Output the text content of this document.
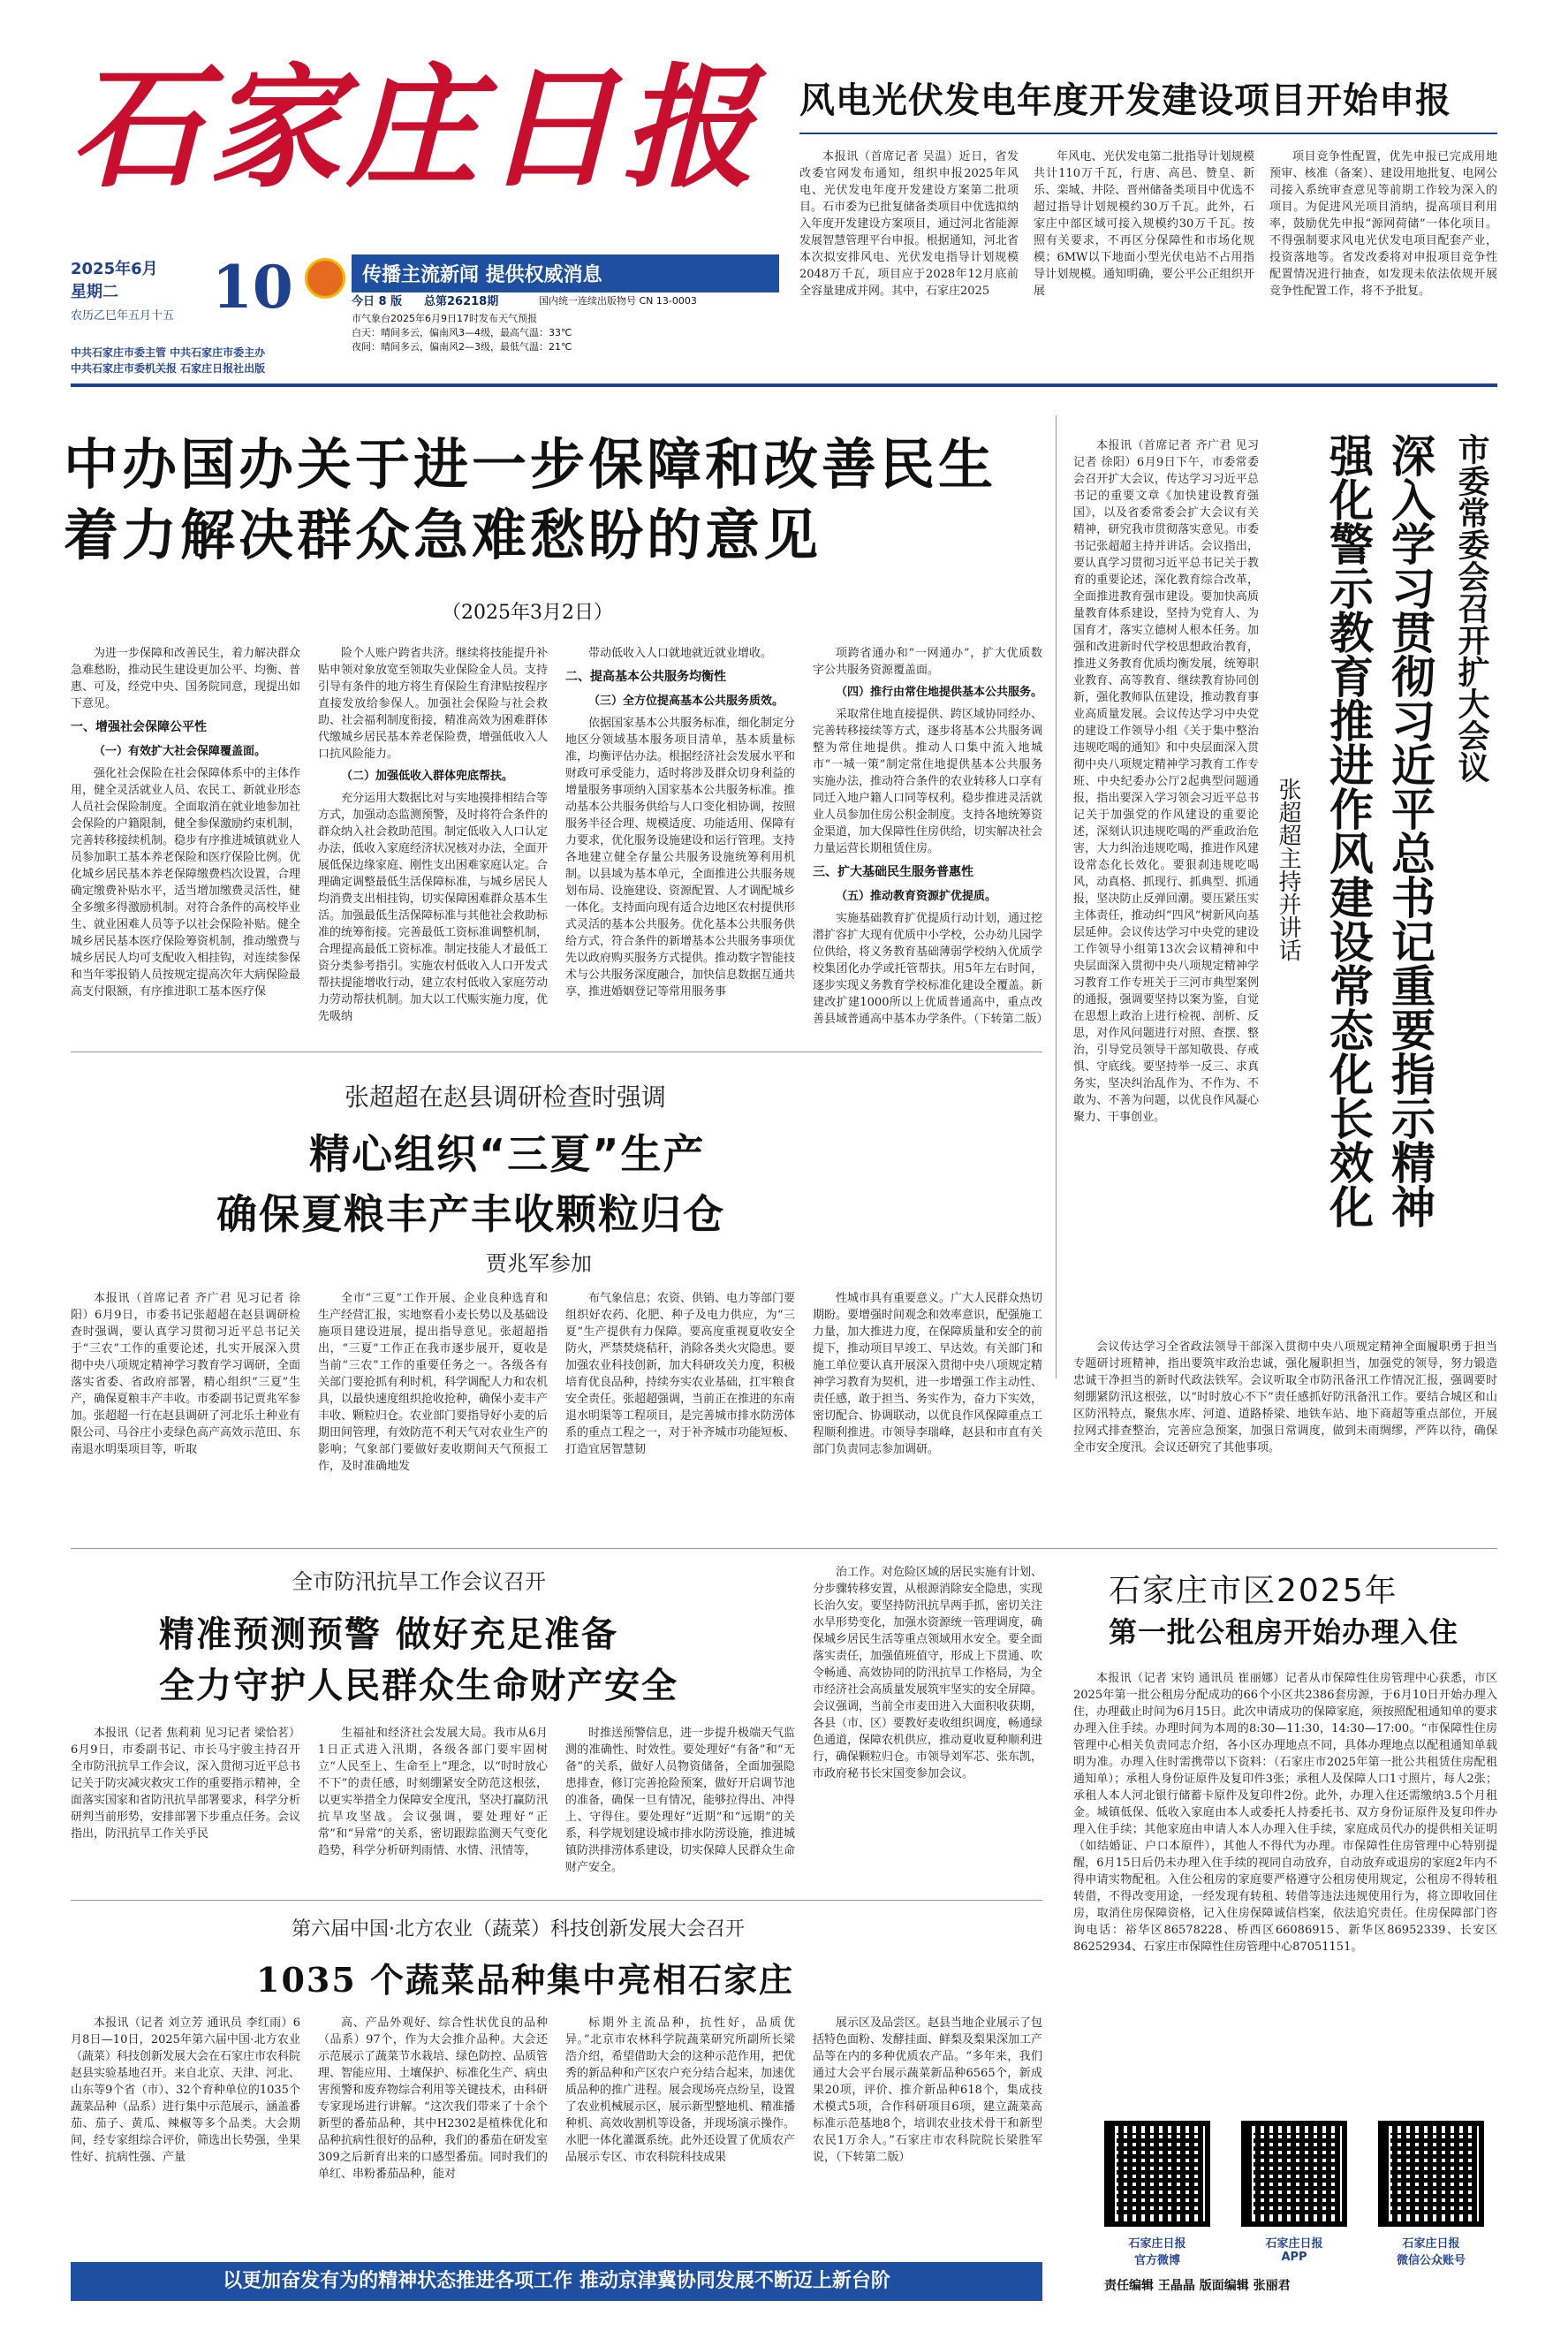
石家庄日报
2025年6月
星期二
农历乙巳年五月十五 10	传播主流新闻 提供权威消息
今日 8 版 总第26218期	国内统一连续出版物号 CN 13-0003
市气象台2025年6月9日17时发布天气预报
白天：晴间多云，偏南风3—4级，最高气温：33℃
夜间：晴间多云，偏南风2—3级，最低气温：21℃
中共石家庄市委主管 中共石家庄市委主办
中共石家庄市委机关报 石家庄日报社出版
风电光伏发电年度开发建设项目开始申报

本报讯（首席记者 吴温）近日，省发改委官网发布通知，组织申报2025年风电、光伏发电年度开发建设方案第二批项目。石市委为已批复储备类项目中优选拟纳入年度开发建设方案项目，通过河北省能源发展智慧管理平台申报。根据通知，河北省本次拟安排风电、光伏发电指导计划规模2048万千瓦，项目应于2028年12月底前全容量建成并网。其中，石家庄2025

年风电、光伏发电第二批指导计划规模共计110万千瓦，行唐、高邑、赞皇、新乐、栾城、井陉、晋州储备类项目中优选不超过指导计划规模约30万千瓦。此外，石家庄中部区域可接入规模约30万千瓦。按照有关要求，不再区分保障性和市场化规模；6MW以下地面小型光伏电站不占用指导计划规模。通知明确，要公平公正组织开展

项目竞争性配置，优先申报已完成用地预审、核准（备案）、建设用地批复、电网公司接入系统审查意见等前期工作较为深入的项目。为促进风光项目消纳，提高项目利用率，鼓励优先申报“源网荷储”一体化项目。不得强制要求风电光伏发电项目配套产业，投资落地等。省发改委将对申报项目竞争性配置情况进行抽查，如发现未依法依规开展竞争性配置工作，将不予批复。

中办国办关于进一步保障和改善民生
着力解决群众急难愁盼的意见
（2025年3月2日）

为进一步保障和改善民生，着力解决群众急难愁盼，推动民生建设更加公平、均衡、普惠、可及，经党中央、国务院同意，现提出如下意见。

一、增强社会保障公平性
（一）有效扩大社会保障覆盖面。

强化社会保险在社会保障体系中的主体作用，健全灵活就业人员、农民工、新就业形态人员社会保险制度。全面取消在就业地参加社会保险的户籍限制，健全参保激励约束机制，完善转移接续机制。稳步有序推进城镇就业人员参加职工基本养老保险和医疗保险比例。优化城乡居民基本养老保障缴费档次设置，合理确定缴费补贴水平，适当增加缴费灵活性，健全多缴多得激励机制。对符合条件的高校毕业生、就业困难人员等予以社会保险补贴。健全城乡居民基本医疗保险筹资机制，推动缴费与城乡居民人均可支配收入相挂钩，对连续参保和当年零报销人员按规定提高次年大病保险最高支付限额，有序推进职工基本医疗保

险个人账户跨省共济。继续将技能提升补贴申领对象放宽至领取失业保险金人员。支持引导有条件的地方将生育保险生育津贴按程序直接发放给参保人。加强社会保险与社会救助、社会福利制度衔接，精准高效为困难群体代缴城乡居民基本养老保险费，增强低收入人口抗风险能力。

（二）加强低收入群体兜底帮扶。

充分运用大数据比对与实地摸排相结合等方式，加强动态监测预警，及时将符合条件的群众纳入社会救助范围。制定低收入人口认定办法，低收入家庭经济状况核对办法，全面开展低保边缘家庭、刚性支出困难家庭认定。合理确定调整最低生活保障标准，与城乡居民人均消费支出相挂钩，切实保障困难群众基本生活。加强最低生活保障标准与其他社会救助标准的统筹衔接。完善最低工资标准调整机制，合理提高最低工资标准。制定技能人才最低工资分类参考指引。实施农村低收入人口开发式帮扶提能增收行动，建立农村低收入家庭劳动力劳动帮扶机制。加大以工代赈实施力度，优先吸纳

带动低收入人口就地就近就业增收。

二、提高基本公共服务均衡性
（三）全方位提高基本公共服务质效。

依据国家基本公共服务标准，细化制定分地区分领域基本服务项目清单，基本质量标准，均衡评估办法。根据经济社会发展水平和财政可承受能力，适时将涉及群众切身利益的增量服务事项纳入国家基本公共服务标准。推动基本公共服务供给与人口变化相协调，按照服务半径合理、规模适度、功能适用、保障有力要求，优化服务设施建设和运行管理。支持各地建立健全存量公共服务设施统筹利用机制。以县域为基本单元，全面推进公共服务规划布局、设施建设、资源配置、人才调配城乡一体化。支持面向现有适合边地区农村提供形式灵活的基本公共服务。优化基本公共服务供给方式，符合条件的新增基本公共服务事项优先以政府购买服务方式提供。推动数字智能技术与公共服务深度融合，加快信息数据互通共享，推进婚姻登记等常用服务事

项跨省通办和“一网通办”，扩大优质数字公共服务资源覆盖面。

（四）推行由常住地提供基本公共服务。

采取常住地直接提供、跨区域协同经办、完善转移接续等方式，逐步将基本公共服务调整为常住地提供。推动人口集中流入地城市“一城一策”制定常住地提供基本公共服务实施办法，推动符合条件的农业转移人口享有同迁入地户籍人口同等权利。稳步推进灵活就业人员参加住房公积金制度。支持各地统筹资金渠道，加大保障性住房供给，切实解决社会力量运营长期租赁住房。

三、扩大基础民生服务普惠性
（五）推动教育资源扩优提质。

实施基础教育扩优提质行动计划，通过挖潜扩容扩大现有优质中小学校，公办幼儿园学位供给，将义务教育基础薄弱学校纳入优质学校集团化办学或托管帮扶。用5年左右时间，逐步实现义务教育学校标准化建设全覆盖。新建改扩建1000所以上优质普通高中，重点改善县域普通高中基本办学条件。（下转第二版）

市委常委会召开扩大会议
深入学习贯彻习近平总书记重要指示精神
强化警示教育推进作风建设常态化长效化
张超超主持并讲话

本报讯（首席记者 齐广君 见习记者 徐阳）6月9日下午，市委常委会召开扩大会议，传达学习习近平总书记的重要文章《加快建设教育强国》，以及省委常委会扩大会议有关精神，研究我市贯彻落实意见。市委书记张超超主持并讲话。会议指出，要认真学习贯彻习近平总书记关于教育的重要论述，深化教育综合改革，全面推进教育强市建设。要加快高质量教育体系建设，坚持为党育人、为国育才，落实立德树人根本任务。加强和改进新时代学校思想政治教育，推进义务教育优质均衡发展，统筹职业教育、高等教育、继续教育协同创新，强化教师队伍建设，推动教育事业高质量发展。会议传达学习中央党的建设工作领导小组《关于集中整治违规吃喝的通知》和中央层面深入贯彻中央八项规定精神学习教育工作专班、中央纪委办公厅2起典型问题通报，指出要深入学习领会习近平总书记关于加强党的作风建设的重要论述，深刻认识违规吃喝的严重政治危害，大力纠治违规吃喝，推进作风建设常态化长效化。要狠刹违规吃喝风，动真格、抓现行、抓典型、抓通报，坚决防止反弹回潮。要压紧压实主体责任，推动纠“四风”树新风向基层延伸。会议传达学习中央党的建设工作领导小组第13次会议精神和中央层面深入贯彻中央八项规定精神学习教育工作专班关于三河市典型案例的通报，强调要坚持以案为鉴，自觉在思想上政治上进行检视、剖析、反思，对作风问题进行对照、查摆、整治，引导党员领导干部知敬畏、存戒惧、守底线。要坚持举一反三、求真务实，坚决纠治乱作为、不作为、不敢为、不善为问题，以优良作风凝心聚力、干事创业。

会议传达学习全省政法领导干部深入贯彻中央八项规定精神全面履职勇于担当专题研讨班精神，指出要筑牢政治忠诚，强化履职担当，加强党的领导，努力锻造忠诚干净担当的新时代政法铁军。会议听取全市防汛备汛工作情况汇报，强调要时刻绷紧防汛这根弦，以“时时放心不下”责任感抓好防汛备汛工作。要结合城区和山区防汛特点，聚焦水库、河道、道路桥梁、地铁车站、地下商超等重点部位，开展拉网式排查整治，完善应急预案，加强日常调度，做到未雨绸缪，严阵以待，确保全市安全度汛。会议还研究了其他事项。

张超超在赵县调研检查时强调
精心组织“三夏”生产
确保夏粮丰产丰收颗粒归仓
贾兆军参加

本报讯（首席记者 齐广君 见习记者 徐阳）6月9日，市委书记张超超在赵县调研检查时强调，要认真学习贯彻习近平总书记关于“三农”工作的重要论述，扎实开展深入贯彻中央八项规定精神学习教育学习调研，全面落实省委、省政府部署，精心组织“三夏”生产，确保夏粮丰产丰收。市委副书记贾兆军参加。张超超一行在赵县调研了河北乐土种业有限公司、马谷庄小麦绿色高产高效示范田、东南退水明渠项目等，听取

全市“三夏”工作开展、企业良种选育和生产经营汇报，实地察看小麦长势以及基础设施项目建设进展，提出指导意见。张超超指出，“三夏”工作正在我市逐步展开，夏收是当前“三农”工作的重要任务之一。各级各有关部门要抢抓有利时机，科学调配人力和农机具，以最快速度组织抢收抢种，确保小麦丰产丰收、颗粒归仓。农业部门要指导好小麦的后期田间管理，有效防范不利天气对农业生产的影响；气象部门要做好麦收期间天气预报工作，及时准确地发

布气象信息；农资、供销、电力等部门要组织好农药、化肥、种子及电力供应，为“三夏”生产提供有力保障。要高度重视夏收安全防火，严禁焚烧秸秆，消除各类火灾隐患。要加强农业科技创新，加大科研攻关力度，积极培育优良品种，持续夯实农业基础，扛牢粮食安全责任。张超超强调，当前正在推进的东南退水明渠等工程项目，是完善城市排水防涝体系的重点工程之一，对于补齐城市功能短板、打造宜居智慧韧

性城市具有重要意义。广大人民群众热切期盼。要增强时间观念和效率意识，配强施工力量，加大推进力度，在保障质量和安全的前提下，推动项目早竣工、早达效。有关部门和施工单位要认真开展深入贯彻中央八项规定精神学习教育为契机，进一步增强工作主动性、责任感，敢于担当、务实作为，奋力下实效，密切配合、协调联动，以优良作风保障重点工程顺利推进。市领导李瑞峰，赵县和市直有关部门负责同志参加调研。

全市防汛抗旱工作会议召开
精准预测预警 做好充足准备
全力守护人民群众生命财产安全

本报讯（记者 焦莉莉 见习记者 梁恰茗）6月9日，市委副书记、市长马宇骏主持召开全市防汛抗旱工作会议，深入贯彻习近平总书记关于防灾减灾救灾工作的重要指示精神，全面落实国家和省防汛抗旱部署要求，科学分析研判当前形势，安排部署下步重点任务。会议指出，防汛抗旱工作关乎民

生福祉和经济社会发展大局。我市从6月1日正式进入汛期，各级各部门要牢固树立“人民至上、生命至上”理念，以“时时放心不下”的责任感，时刻绷紧安全防范这根弦，以更实举措全力保障安全度汛，坚决打赢防汛抗旱攻坚战。会议强调，要处理好“正常”和“异常”的关系，密切跟踪监测天气变化趋势，科学分析研判雨情、水情、汛情等，

时推送预警信息，进一步提升极端天气监测的准确性、时效性。要处理好“有备”和“无备”的关系，做好人员物资储备，全面加强隐患排查，修订完善抢险预案，做好开启调节池的准备，确保一旦有情况，能够拉得出、冲得上、守得住。要处理好“近期”和“远期”的关系，科学规划建设城市排水防涝设施，推进城镇防洪排涝体系建设，切实保障人民群众生命财产安全。

治工作。对危险区域的居民实施有计划、分步骤转移安置，从根源消除安全隐患，实现长治久安。要坚持防汛抗旱两手抓，密切关注水旱形势变化，加强水资源统一管理调度，确保城乡居民生活等重点领域用水安全。要全面落实责任，加强值班值守，形成上下贯通、吹令畅通、高效协同的防汛抗旱工作格局，为全市经济社会高质量发展筑牢坚实的安全屏障。会议强调，当前全市麦田进入大面积收获期，各县（市、区）要教好麦收组织调度，畅通绿色通道，保障农机供应，推动夏收夏种顺利进行，确保颗粒归仓。市领导刘军芯、张东凯，市政府秘书长宋国变参加会议。

第六届中国·北方农业（蔬菜）科技创新发展大会召开
1035 个蔬菜品种集中亮相石家庄

本报讯（记者 刘立芳 通讯员 李红雨）6月8日—10日，2025年第六届中国·北方农业（蔬菜）科技创新发展大会在石家庄市农科院赵县实验基地召开。来自北京、天津、河北、山东等9个省（市）、32个育种单位的1035个蔬菜品种（品系）进行集中示范展示，涵盖番茄、茄子、黄瓜、辣椒等多个品类。大会期间，经专家组综合评价，筛选出长势强，坐果性好、抗病性强、产量

高、产品外观好、综合性状优良的品种（品系）97个，作为大会推介品种。大会还示范展示了蔬菜节水栽培、绿色防控、品质管理、智能应用、土壤保护、标准化生产、病虫害预警和废弃物综合利用等关键技术，由科研专家现场进行讲解。“这次我们带来了十余个新型的番茄品种，其中H2302是植株优化和品种抗病性很好的品种，我们的番茄在研发室309之后新育出来的口感型番茄。同时我们的单红、串粉番茄品种，能对

标期外主流品种，抗性好，品质优异。”北京市农林科学院蔬菜研究所副所长梁浩介绍，希望借助大会的这种示范作用，把优秀的新品种和产区农户充分结合起来，加速优质品种的推广进程。展会现场亮点纷呈，设置了农业机械展示区，展示新型整地机、精准播种机、高效收割机等设备，并现场演示操作。水肥一体化灌溉系统。此外还设置了优质农产品展示专区、市农科院科技成果

展示区及品尝区。赵县当地企业展示了包括特色面粉、发酵挂面、鲜梨及梨果深加工产品等在内的多种优质农产品。“多年来，我们通过大会平台展示蔬菜新品种6565个，新成果20项，评价、推介新品种618个，集成技术模式5项，合作科研项目6项，建立蔬菜高标准示范基地8个，培训农业技术骨干和新型农民1万余人。”石家庄市农科院院长梁胜军说，（下转第二版）

石家庄市区2025年
第一批公租房开始办理入住

本报讯（记者 宋钧 通讯员 崔丽娜）记者从市保障性住房管理中心获悉，市区2025年第一批公租房分配成功的66个小区共2386套房源，于6月10日开始办理入住，办理截止时间为6月15日。此次申请成功的保障家庭，须按照配租通知单的要求办理入住手续。办理时间为本周的8:30—11:30，14:30—17:00。“市保障性住房管理中心相关负责同志介绍，各小区办理地点不同，具体办理地点以配租通知单载明为准。办理入住时需携带以下资料：（石家庄市2025年第一批公共租赁住房配租通知单）；承租人身份证原件及复印件3张；承租人及保障人口1寸照片，每人2张；承租人本人河北银行储蓄卡原件及复印件2份。此外，办理入住还需缴纳3.5个月租金。城镇低保、低收入家庭由本人或委托人持委托书、双方身份证原件及复印件办理入住手续；其他家庭由申请人本人办理入住手续，家庭成员代办的提供相关证明（如结婚证、户口本原件），其他人不得代为办理。市保障性住房管理中心特别提醒，6月15日后仍未办理入住手续的视同自动放弃，自动放弃或退房的家庭2年内不得申请实物配租。入住公租房的家庭要严格遵守公租房使用规定，公租房不得转租转借，不得改变用途，一经发现有转租、转借等违法违规使用行为，将立即收回住房，取消住房保障资格，记入住房保障诚信档案，依法追究责任。住房保障部门咨询电话：裕华区86578228、桥西区66086915、新华区86952339、长安区86252934、石家庄市保障性住房管理中心87051151。

石家庄日报
官方微博
石家庄日报
APP
石家庄日报
微信公众账号
以更加奋发有为的精神状态推进各项工作 推动京津冀协同发展不断迈上新台阶	责任编辑 王晶晶 版面编辑 张丽君
